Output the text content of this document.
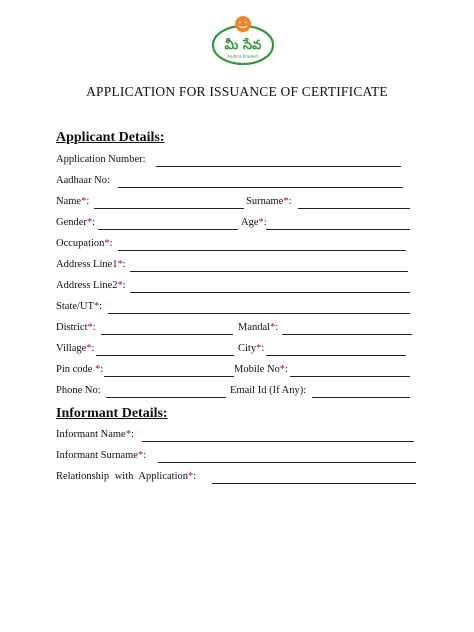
మీ సేవ
Andhra Pradesh
APPLICATION FOR ISSUANCE OF CERTIFICATE
Applicant Details:
Application Number:
Aadhaar No:
Name*:	Surname*:
Gender*:	Age*:
Occupation*:
Address Line1*:
Address Line2*:
State/UT*:
District*:	Mandal*:
Village*:	City*:
Pin code *:	Mobile No*:
Phone No:	Email Id (If Any):
Informant Details:
Informant Name*:
Informant Surname*:
Relationship with Application*:
